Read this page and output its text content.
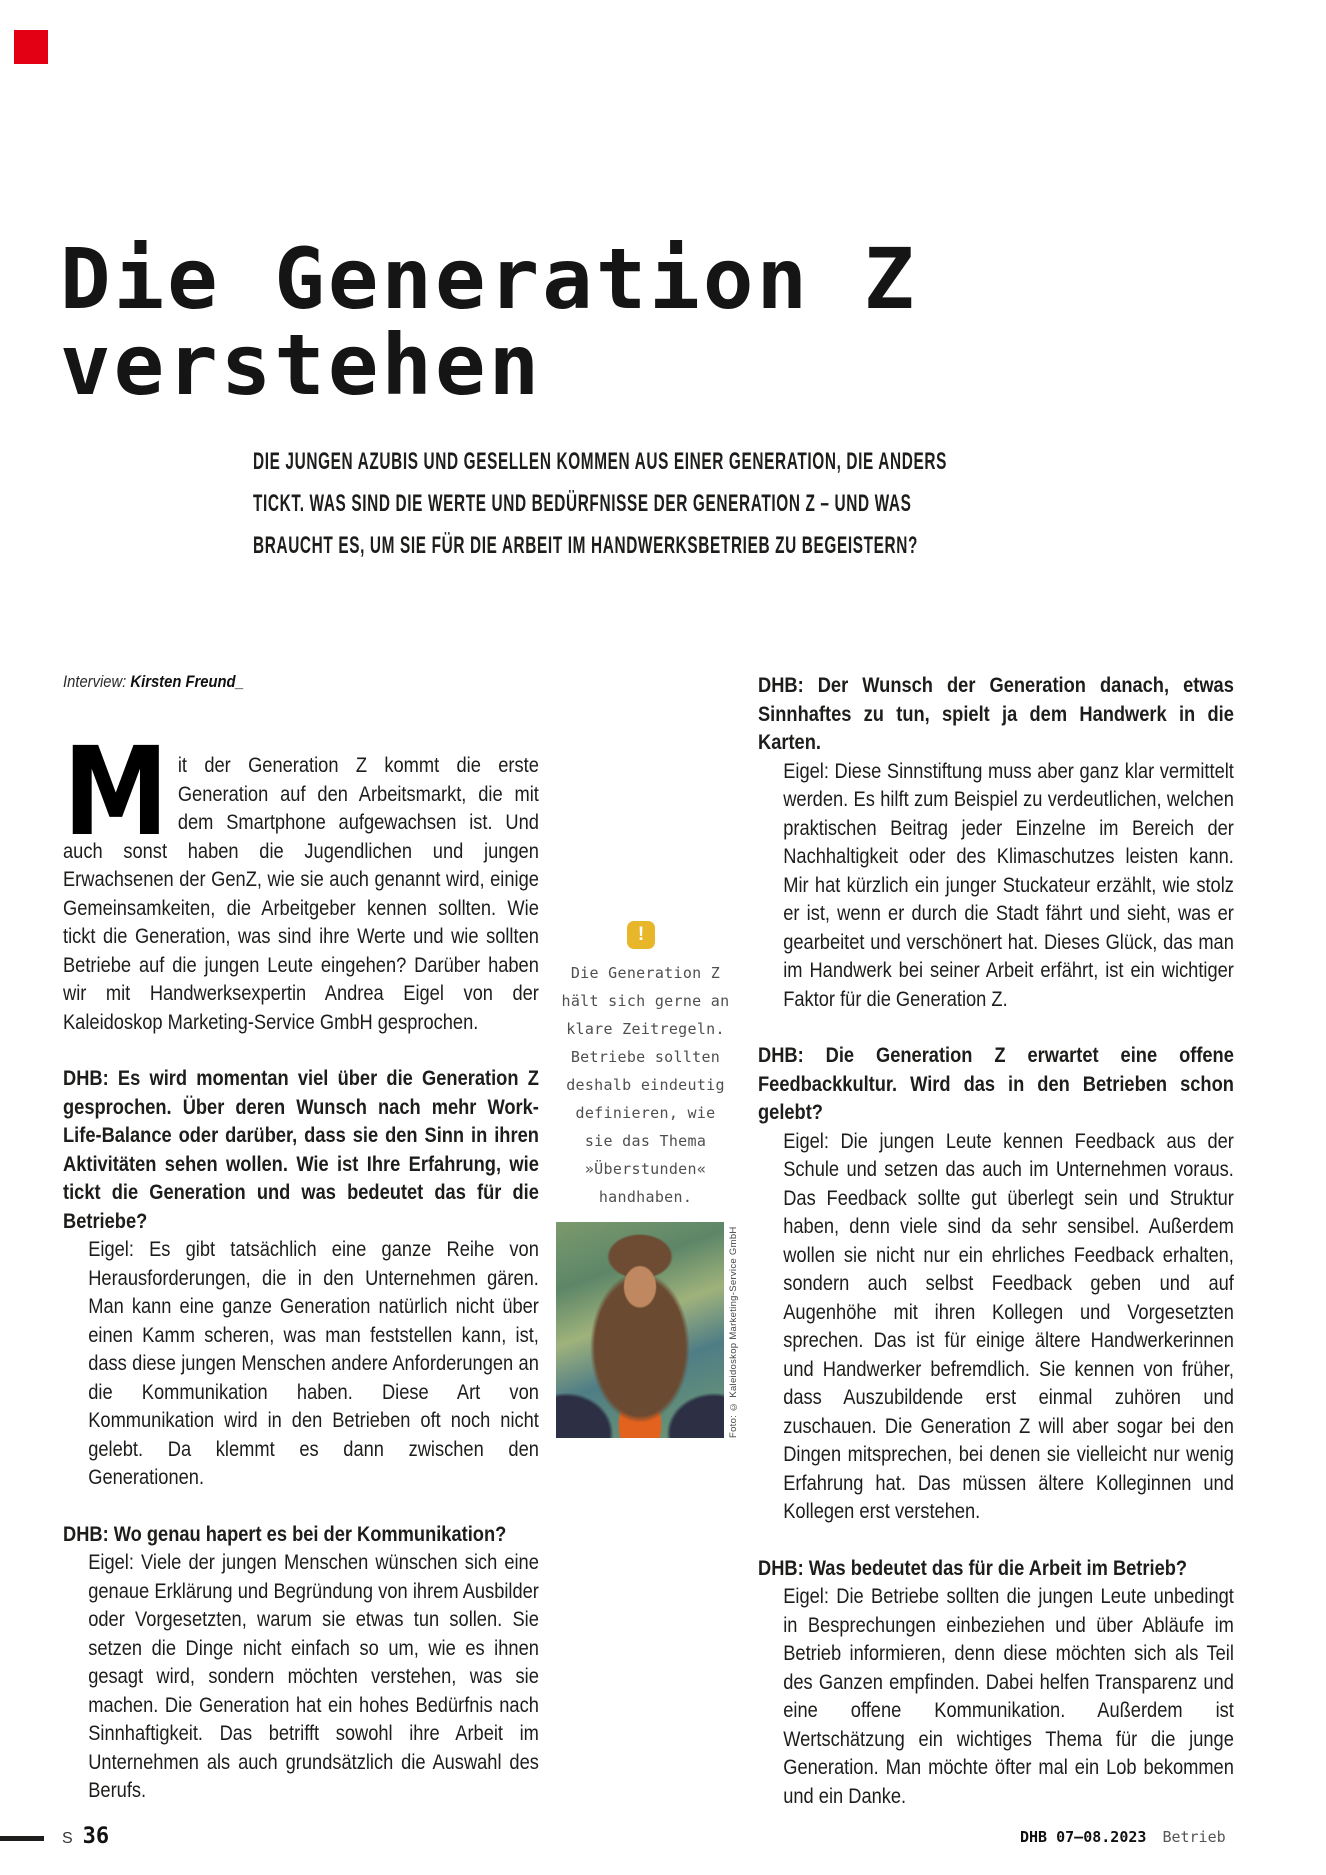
Die Generation Z
verstehen
DIE JUNGEN AZUBIS UND GESELLEN KOMMEN AUS EINER GENERATION, DIE ANDERS
TICKT. WAS SIND DIE WERTE UND BEDÜRFNISSE DER GENERATION Z – UND WAS
BRAUCHT ES, UM SIE FÜR DIE ARBEIT IM HANDWERKSBETRIEB ZU BEGEISTERN?

Interview: Kirsten Freund_

Mit der Generation Z kommt die erste Generation auf den Arbeitsmarkt, die mit dem Smartphone aufgewachsen ist. Und auch sonst haben die Jugendlichen und jungen Erwachsenen der GenZ, wie sie auch genannt wird, einige Gemeinsamkeiten, die Arbeitgeber kennen sollten. Wie tickt die Generation, was sind ihre Werte und wie sollten Betriebe auf die jungen Leute eingehen? Darüber haben wir mit Handwerksexpertin Andrea Eigel von der Kaleidoskop Marketing-Service GmbH gesprochen.

DHB: Es wird momentan viel über die Generation Z gesprochen. Über deren Wunsch nach mehr Work-Life-Balance oder darüber, dass sie den Sinn in ihren Aktivitäten sehen wollen. Wie ist Ihre Erfahrung, wie tickt die Generation und was bedeutet das für die Betriebe?

Eigel: Es gibt tatsächlich eine ganze Reihe von Herausforderungen, die in den Unternehmen gären. Man kann eine ganze Generation natürlich nicht über einen Kamm scheren, was man feststellen kann, ist, dass diese jungen Menschen andere Anforderungen an die Kommunikation haben. Diese Art von Kommunikation wird in den Betrieben oft noch nicht gelebt. Da klemmt es dann zwischen den Generationen.

DHB: Wo genau hapert es bei der Kommunikation?

Eigel: Viele der jungen Menschen wünschen sich eine genaue Erklärung und Begründung von ihrem Ausbilder oder Vorgesetzten, warum sie etwas tun sollen. Sie setzen die Dinge nicht einfach so um, wie es ihnen gesagt wird, sondern möchten verstehen, was sie machen. Die Generation hat ein hohes Bedürfnis nach Sinnhaftigkeit. Das betrifft sowohl ihre Arbeit im Unternehmen als auch grundsätzlich die Auswahl des Berufs.

!
Die Generation Z hält sich gerne an klare Zeitregeln. Betriebe sollten deshalb eindeutig definieren, wie sie das Thema »Überstunden« handhaben.
Foto: © Kaleidoskop Marketing-Service GmbH

DHB: Der Wunsch der Generation danach, etwas Sinnhaftes zu tun, spielt ja dem Handwerk in die Karten.

Eigel: Diese Sinnstiftung muss aber ganz klar vermittelt werden. Es hilft zum Beispiel zu verdeutlichen, welchen praktischen Beitrag jeder Einzelne im Bereich der Nachhaltigkeit oder des Klimaschutzes leisten kann. Mir hat kürzlich ein junger Stuckateur erzählt, wie stolz er ist, wenn er durch die Stadt fährt und sieht, was er gearbeitet und verschönert hat. Dieses Glück, das man im Handwerk bei seiner Arbeit erfährt, ist ein wichtiger Faktor für die Generation Z.

DHB: Die Generation Z erwartet eine offene Feedbackkultur. Wird das in den Betrieben schon gelebt?

Eigel: Die jungen Leute kennen Feedback aus der Schule und setzen das auch im Unternehmen voraus. Das Feedback sollte gut überlegt sein und Struktur haben, denn viele sind da sehr sensibel. Außerdem wollen sie nicht nur ein ehrliches Feedback erhalten, sondern auch selbst Feedback geben und auf Augenhöhe mit ihren Kollegen und Vorgesetzten sprechen. Das ist für einige ältere Handwerkerinnen und Handwerker befremdlich. Sie kennen von früher, dass Auszubildende erst einmal zuhören und zuschauen. Die Generation Z will aber sogar bei den Dingen mitsprechen, bei denen sie vielleicht nur wenig Erfahrung hat. Das müssen ältere Kolleginnen und Kollegen erst verstehen.

DHB: Was bedeutet das für die Arbeit im Betrieb?

Eigel: Die Betriebe sollten die jungen Leute unbedingt in Besprechungen einbeziehen und über Abläufe im Betrieb informieren, denn diese möchten sich als Teil des Ganzen empfinden. Dabei helfen Transparenz und eine offene Kommunikation. Außerdem ist Wertschätzung ein wichtiges Thema für die junge Generation. Man möchte öfter mal ein Lob bekommen und ein Danke.

S 36	DHB 07–08.2023 Betrieb
